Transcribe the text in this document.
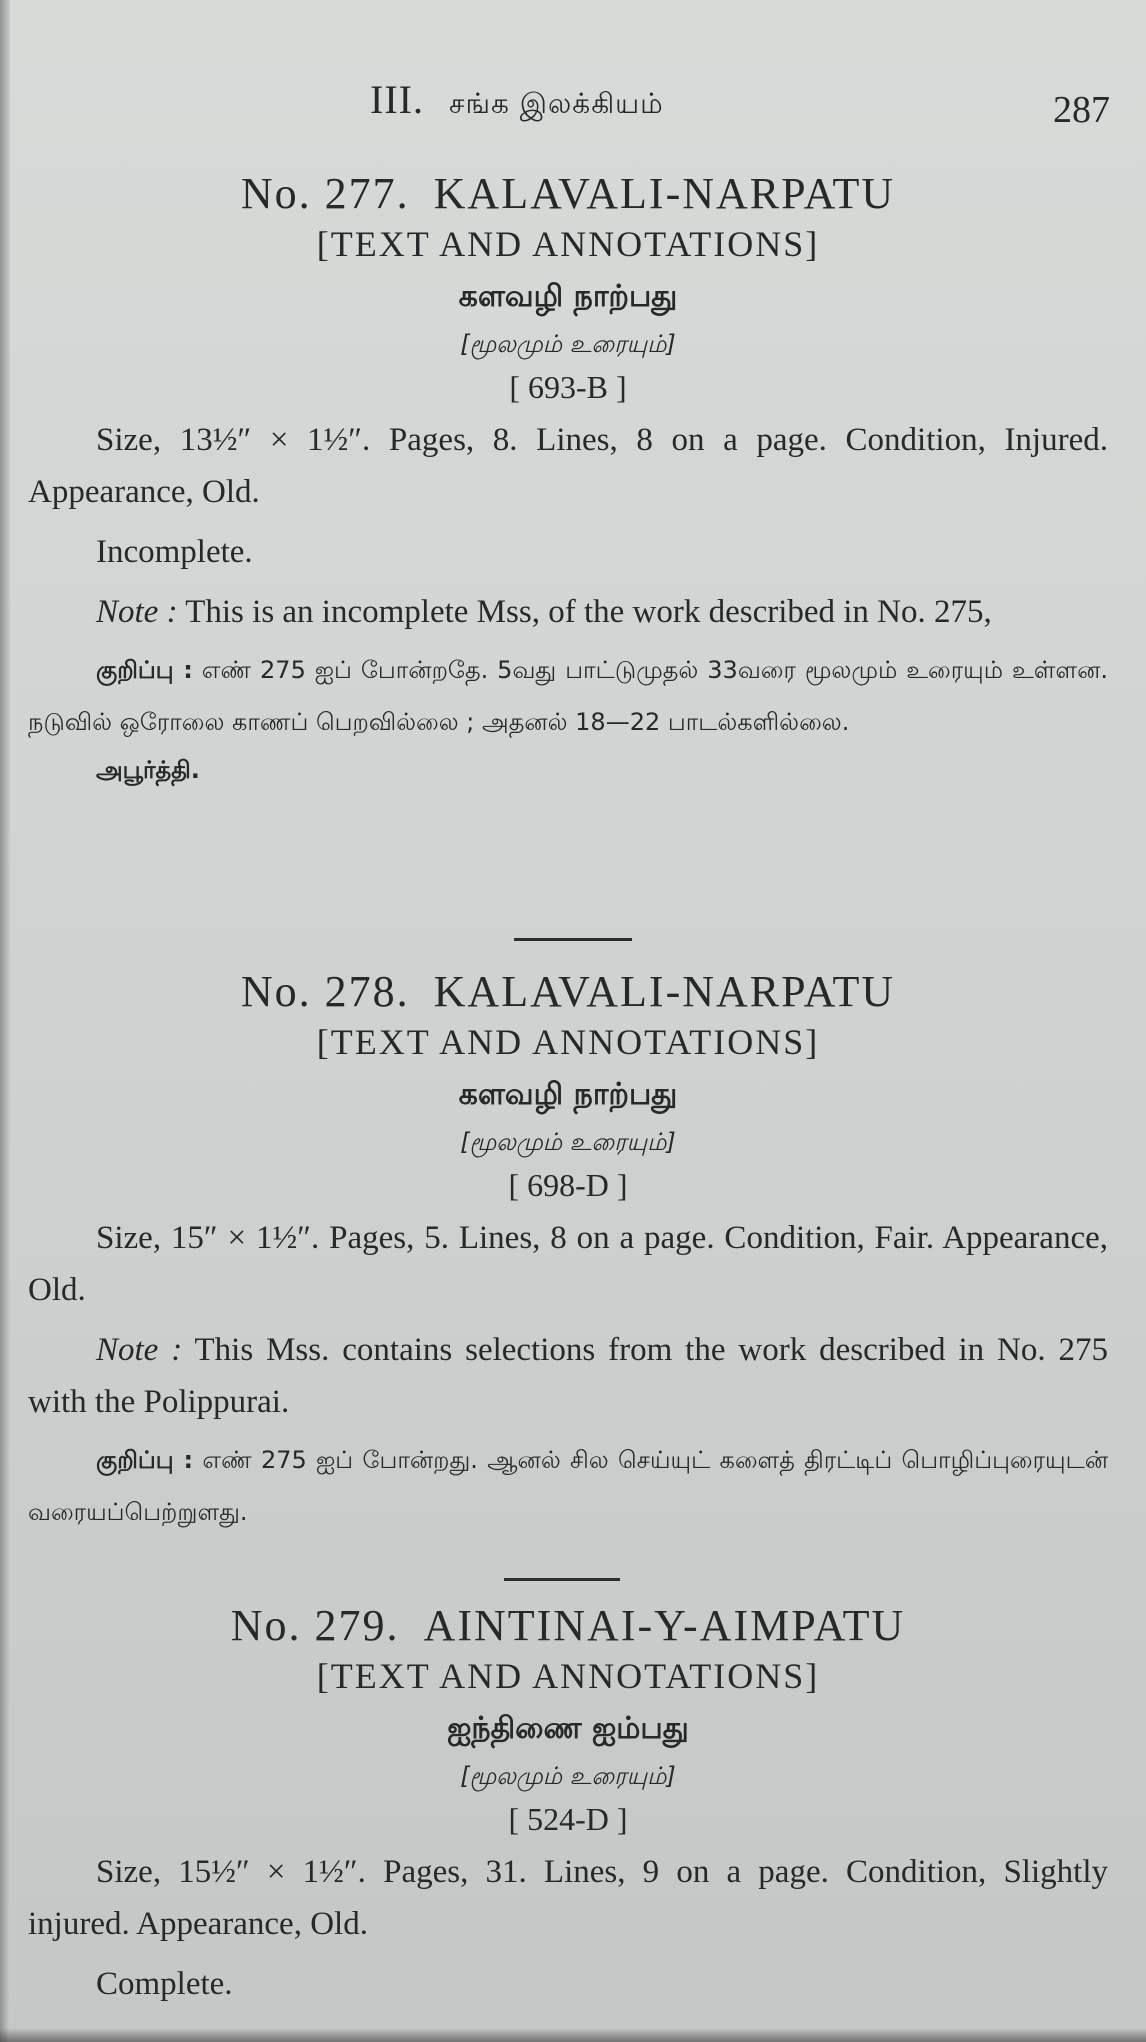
III. சங்க இலக்கியம்	287
No. 277. KALAVALI-NARPATU
[TEXT AND ANNOTATIONS]
களவழி நாற்பது
[மூலமும் உரையும்]
[ 693-B ]
Size, 13½″ × 1½″. Pages, 8. Lines, 8 on a page. Condition, Injured. Appearance, Old.
Incomplete.
Note : This is an incomplete Mss, of the work described in No. 275,
குறிப்பு : எண் 275 ஐப் போன்றதே. 5வது பாட்டுமுதல் 33வரை மூலமும் உரையும் உள்ளன. நடுவில் ஒரோலை காணப் பெறவில்லை ; அதனல் 18—22 பாடல்களில்லை.
அபூர்த்தி.
No. 278. KALAVALI-NARPATU
[TEXT AND ANNOTATIONS]
களவழி நாற்பது
[மூலமும் உரையும்]
[ 698-D ]
Size, 15″ × 1½″. Pages, 5. Lines, 8 on a page. Condition, Fair. Appearance, Old.
Note : This Mss. contains selections from the work described in No. 275 with the Polippurai.
குறிப்பு : எண் 275 ஐப் போன்றது. ஆனல் சில செய்யுட் களைத் திரட்டிப் பொழிப்புரையுடன் வரையப்பெற்றுளது.
No. 279. AINTINAI-Y-AIMPATU
[TEXT AND ANNOTATIONS]
ஐந்திணை ஐம்பது
[மூலமும் உரையும்]
[ 524-D ]
Size, 15½″ × 1½″. Pages, 31. Lines, 9 on a page. Condition, Slightly injured. Appearance, Old.
Complete.
